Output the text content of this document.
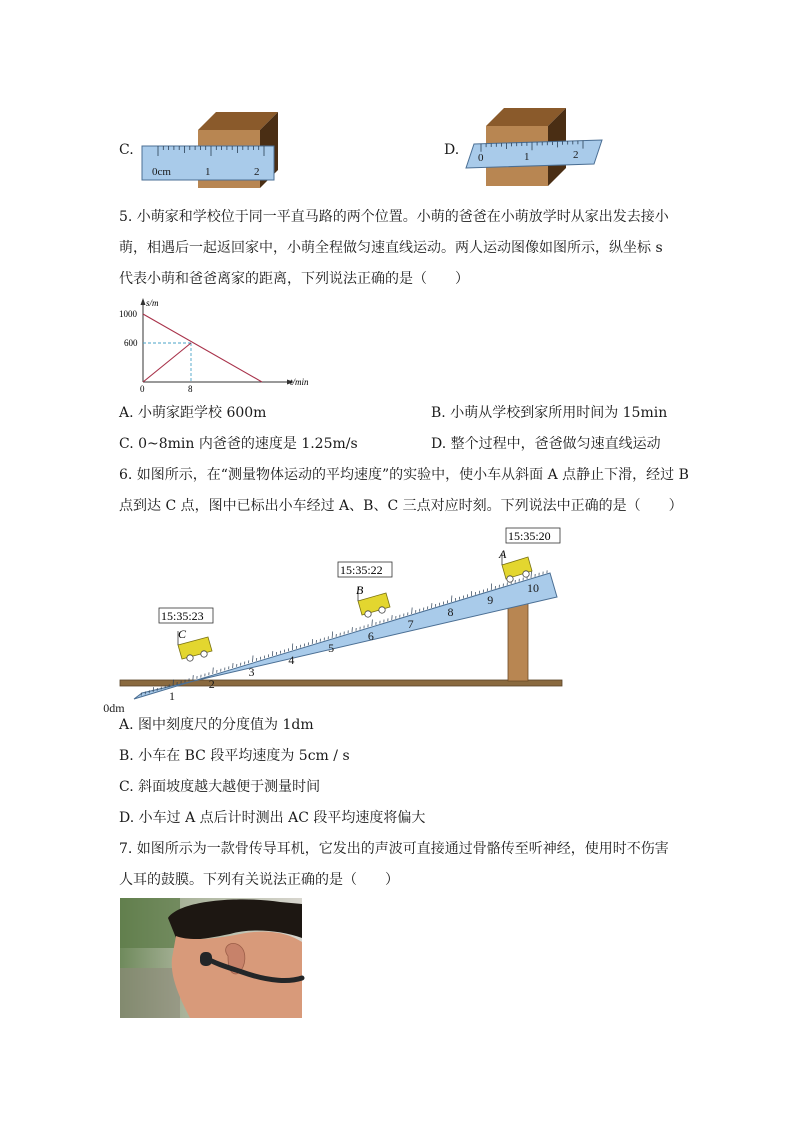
C.
0cm	1	2
D. 0	1	2
5. 小萌家和学校位于同一平直马路的两个位置。小萌的爸爸在小萌放学时从家出发去接小
萌，相遇后一起返回家中，小萌全程做匀速直线运动。两人运动图像如图所示，纵坐标 s
代表小萌和爸爸离家的距离，下列说法正确的是（　　）
s/m
t/min
1000
600
0	8
A. 小萌家距学校 600m	B. 小萌从学校到家所用时间为 15min
C. 0~8min 内爸爸的速度是 1.25m/s	D. 整个过程中，爸爸做匀速直线运动
6. 如图所示，在“测量物体运动的平均速度”的实验中，使小车从斜面 A 点静止下滑，经过 B
点到达 C 点，图中已标出小车经过 A、B、C 三点对应时刻。下列说法中正确的是（　　）
0dm
1
2
3
4
5
6
7
8
9
10
A
15:35:20
B
15:35:22
C
15:35:23
A. 图中刻度尺的分度值为 1dm
B. 小车在 BC 段平均速度为 5cm / s
C. 斜面坡度越大越便于测量时间
D. 小车过 A 点后计时测出 AC 段平均速度将偏大
7. 如图所示为一款骨传导耳机，它发出的声波可直接通过骨骼传至听神经，使用时不伤害
人耳的鼓膜。下列有关说法正确的是（　　）
